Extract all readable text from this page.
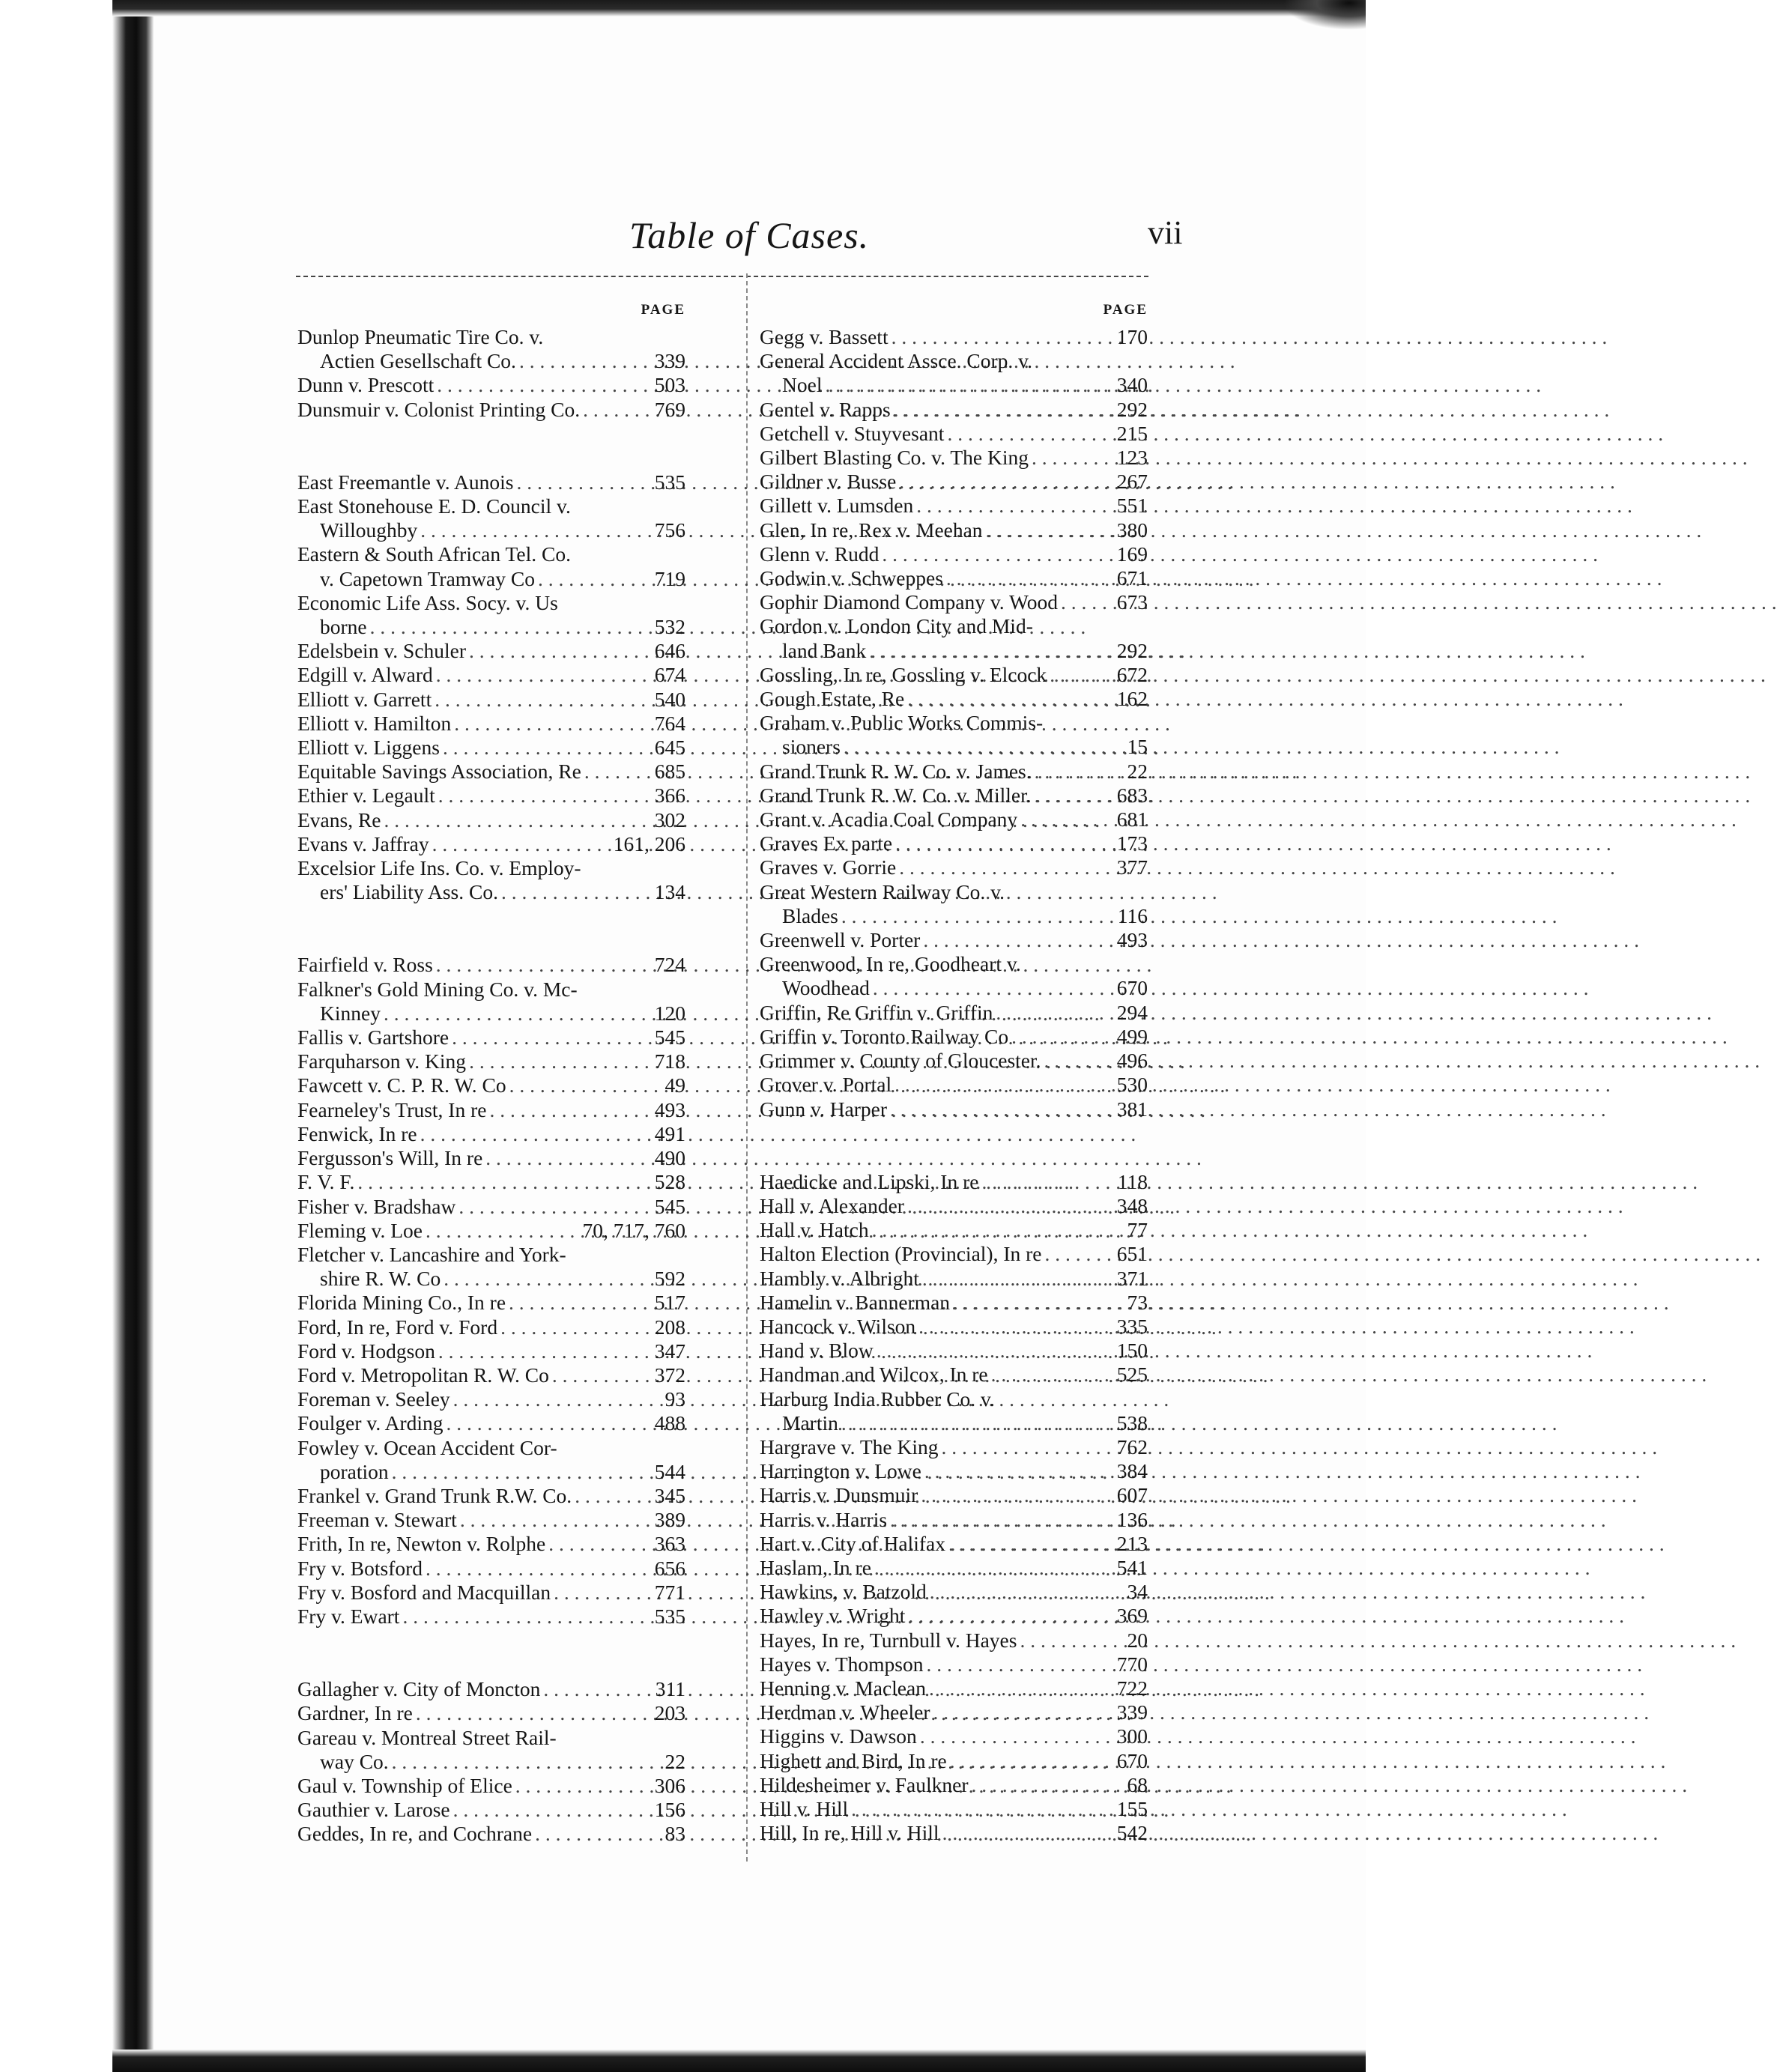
Table of Cases.	vii
PAGE
Dunlop Pneumatic Tire Co. v.
Actien Gesellschaft Co. . . .	339
Dunn v. Prescott . . .	503
Dunsmuir v. Colonist Printing Co. . . .	769
East Freemantle v. Aunois . . .	535
East Stonehouse E. D. Council v.
Willoughby . . .	756
Eastern & South African Tel. Co.
v. Capetown Tramway Co . . .	719
Economic Life Ass. Socy. v. Us
borne . . .	532
Edelsbein v. Schuler . . .	646
Edgill v. Alward . . .	674
Elliott v. Garrett . . .	540
Elliott v. Hamilton . . .	764
Elliott v. Liggens . . .	645
Equitable Savings Association, Re . . .	685
Ethier v. Legault . . .	366
Evans, Re . . .	302
Evans v. Jaffray . . .	161, 206
Excelsior Life Ins. Co. v. Employ-
ers' Liability Ass. Co. . . .	134
Fairfield v. Ross . . .	724
Falkner's Gold Mining Co. v. Mc-
Kinney . . .	120
Fallis v. Gartshore . . .	545
Farquharson v. King . . .	718
Fawcett v. C. P. R. W. Co . . .	49
Fearneley's Trust, In re . . .	493
Fenwick, In re . . .	491
Fergusson's Will, In re . . .	490
F. V. F. . . .	528
Fisher v. Bradshaw . . .	545
Fleming v. Loe . . .	70, 717, 760
Fletcher v. Lancashire and York-
shire R. W. Co . . .	592
Florida Mining Co., In re . . .	517
Ford, In re, Ford v. Ford . . .	208
Ford v. Hodgson . . .	347
Ford v. Metropolitan R. W. Co . . .	372
Foreman v. Seeley . . .	93
Foulger v. Arding . . .	488
Fowley v. Ocean Accident Cor-
poration . . .	544
Frankel v. Grand Trunk R.W. Co. . . .	345
Freeman v. Stewart . . .	389
Frith, In re, Newton v. Rolphe . . .	363
Fry v. Botsford . . .	656
Fry v. Bosford and Macquillan . . .	771
Fry v. Ewart . . .	535
Gallagher v. City of Moncton . . .	311
Gardner, In re . . .	203
Gareau v. Montreal Street Rail-
way Co. . . .	22
Gaul v. Township of Elice . . .	306
Gauthier v. Larose . . .	156
Geddes, In re, and Cochrane . . .	83
PAGE
Gegg v. Bassett . . .	170
General Accident Assce. Corp. v.
Noel . . .	340
Gentel v. Rapps . . .	292
Getchell v. Stuyvesant . . .	215
Gilbert Blasting Co. v. The King . . .	123
Gildner v. Busse . . .	267
Gillett v. Lumsden . . .	551
Glen, In re, Rex v. Meehan . . .	380
Glenn v. Rudd . . .	169
Godwin v. Schweppes . . .	671
Gophir Diamond Company v. Wood . . .	673
Gordon v. London City and Mid-
land Bank . . .	292
Gossling, In re, Gossling v. Elcock . . .	672
Gough Estate, Re . . .	162
Graham v. Public Works Commis-
sioners . . .	15
Grand Trunk R. W. Co. v. James. . . .	22
Grand Trunk R. W. Co. v. Miller. . . .	683
Grant v. Acadia Coal Company . . .	681
Graves Ex parte . . .	173
Graves v. Gorrie . . .	377
Great Western Railway Co. v.
Blades . . .	116
Greenwell v. Porter . . .	493
Greenwood, In re, Goodheart v.
Woodhead . . .	670
Griffin, Re Griffin v. Griffin . . .	294
Griffin v. Toronto Railway Co . . .	499
Grimmer v. County of Gloucester. . . .	496
Grover v. Portal . . .	530
Gunn v. Harper . . .	381
Haedicke and Lipski, In re . . .	118
Hall v. Alexander . . .	348
Hall v. Hatch . . .	77
Halton Election (Provincial), In re . . .	651
Hambly v. Albright . . .	371
Hamelin v. Bannerman . . .	73
Hancock v. Wilson . . .	335
Hand v. Blow . . .	150
Handman and Wilcox, In re . . .	525
Harburg India Rubber Co. v.
Martin . . .	538
Hargrave v. The King . . .	762
Harrington v. Lowe . . .	384
Harris v. Dunsmuir . . .	607
Harris v. Harris . . .	136
Hart v. City of Halifax . . .	213
Haslam, In re . . .	541
Hawkins, v. Batzold . . .	34
Hawley v. Wright . . .	369
Hayes, In re, Turnbull v. Hayes . . .	20
Hayes v. Thompson . . .	770
Henning v. Maclean . . .	722
Herdman v. Wheeler . . .	339
Higgins v. Dawson . . .	300
Highett and Bird, In re . . .	670
Hildesheimer v. Faulkner . . .	68
Hill v. Hill . . .	155
Hill, In re, Hill v. Hill . . .	542
